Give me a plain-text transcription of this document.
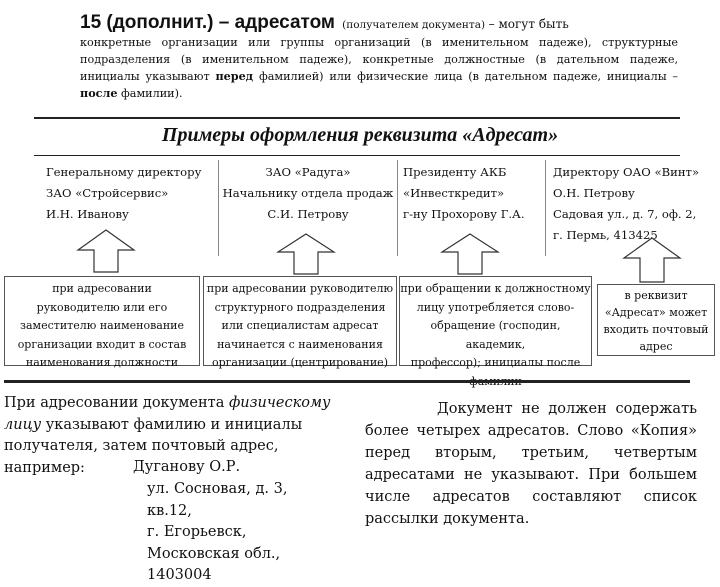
15 (дополнит.) – адресатом (получателем документа) – могут быть
конкретные организации или группы организаций (в именительном падеже), структурные
подразделения (в именительном падеже), конкретные должностные (в дательном падеже,
инициалы указывают перед фамилией) или физические лица (в дательном падеже, инициалы –
после фамилии).
Примеры оформления реквизита «Адресат»
Генеральному директору
ЗАО «Стройсервис»
И.Н. Иванову
ЗАО «Радуга»
Начальнику отдела продаж
С.И. Петрову
Президенту АКБ
«Инвесткредит»
г-ну Прохорову Г.А.
Директору ОАО «Винт»
О.Н. Петрову
Садовая ул., д. 7, оф. 2,
г. Пермь, 413425
при адресовании
руководителю или его
заместителю наименование
организации входит в состав
наименования должности
при адресовании руководителю
структурного подразделения
или специалистам адресат
начинается с наименования
организации (центрирование)
при обращении к должностному
лицу употребляется слово-
обращение (господин, академик,
профессор); инициалы после
в реквизит
«Адресат» может
входить почтовый
адрес
При адресовании документа физическому
лицу указывают фамилию и инициалы
получателя, затем почтовый адрес,
например:	Дуганову О.Р.
ул. Сосновая, д. 3, кв.12,
г. Егорьевск,
Московская обл., 1403004
Документ не должен содержать более четырех адресатов. Слово «Копия» перед вторым, третьим, четвертым адресатами не указывают. При большем числе адресатов составляют список рассылки документа.
